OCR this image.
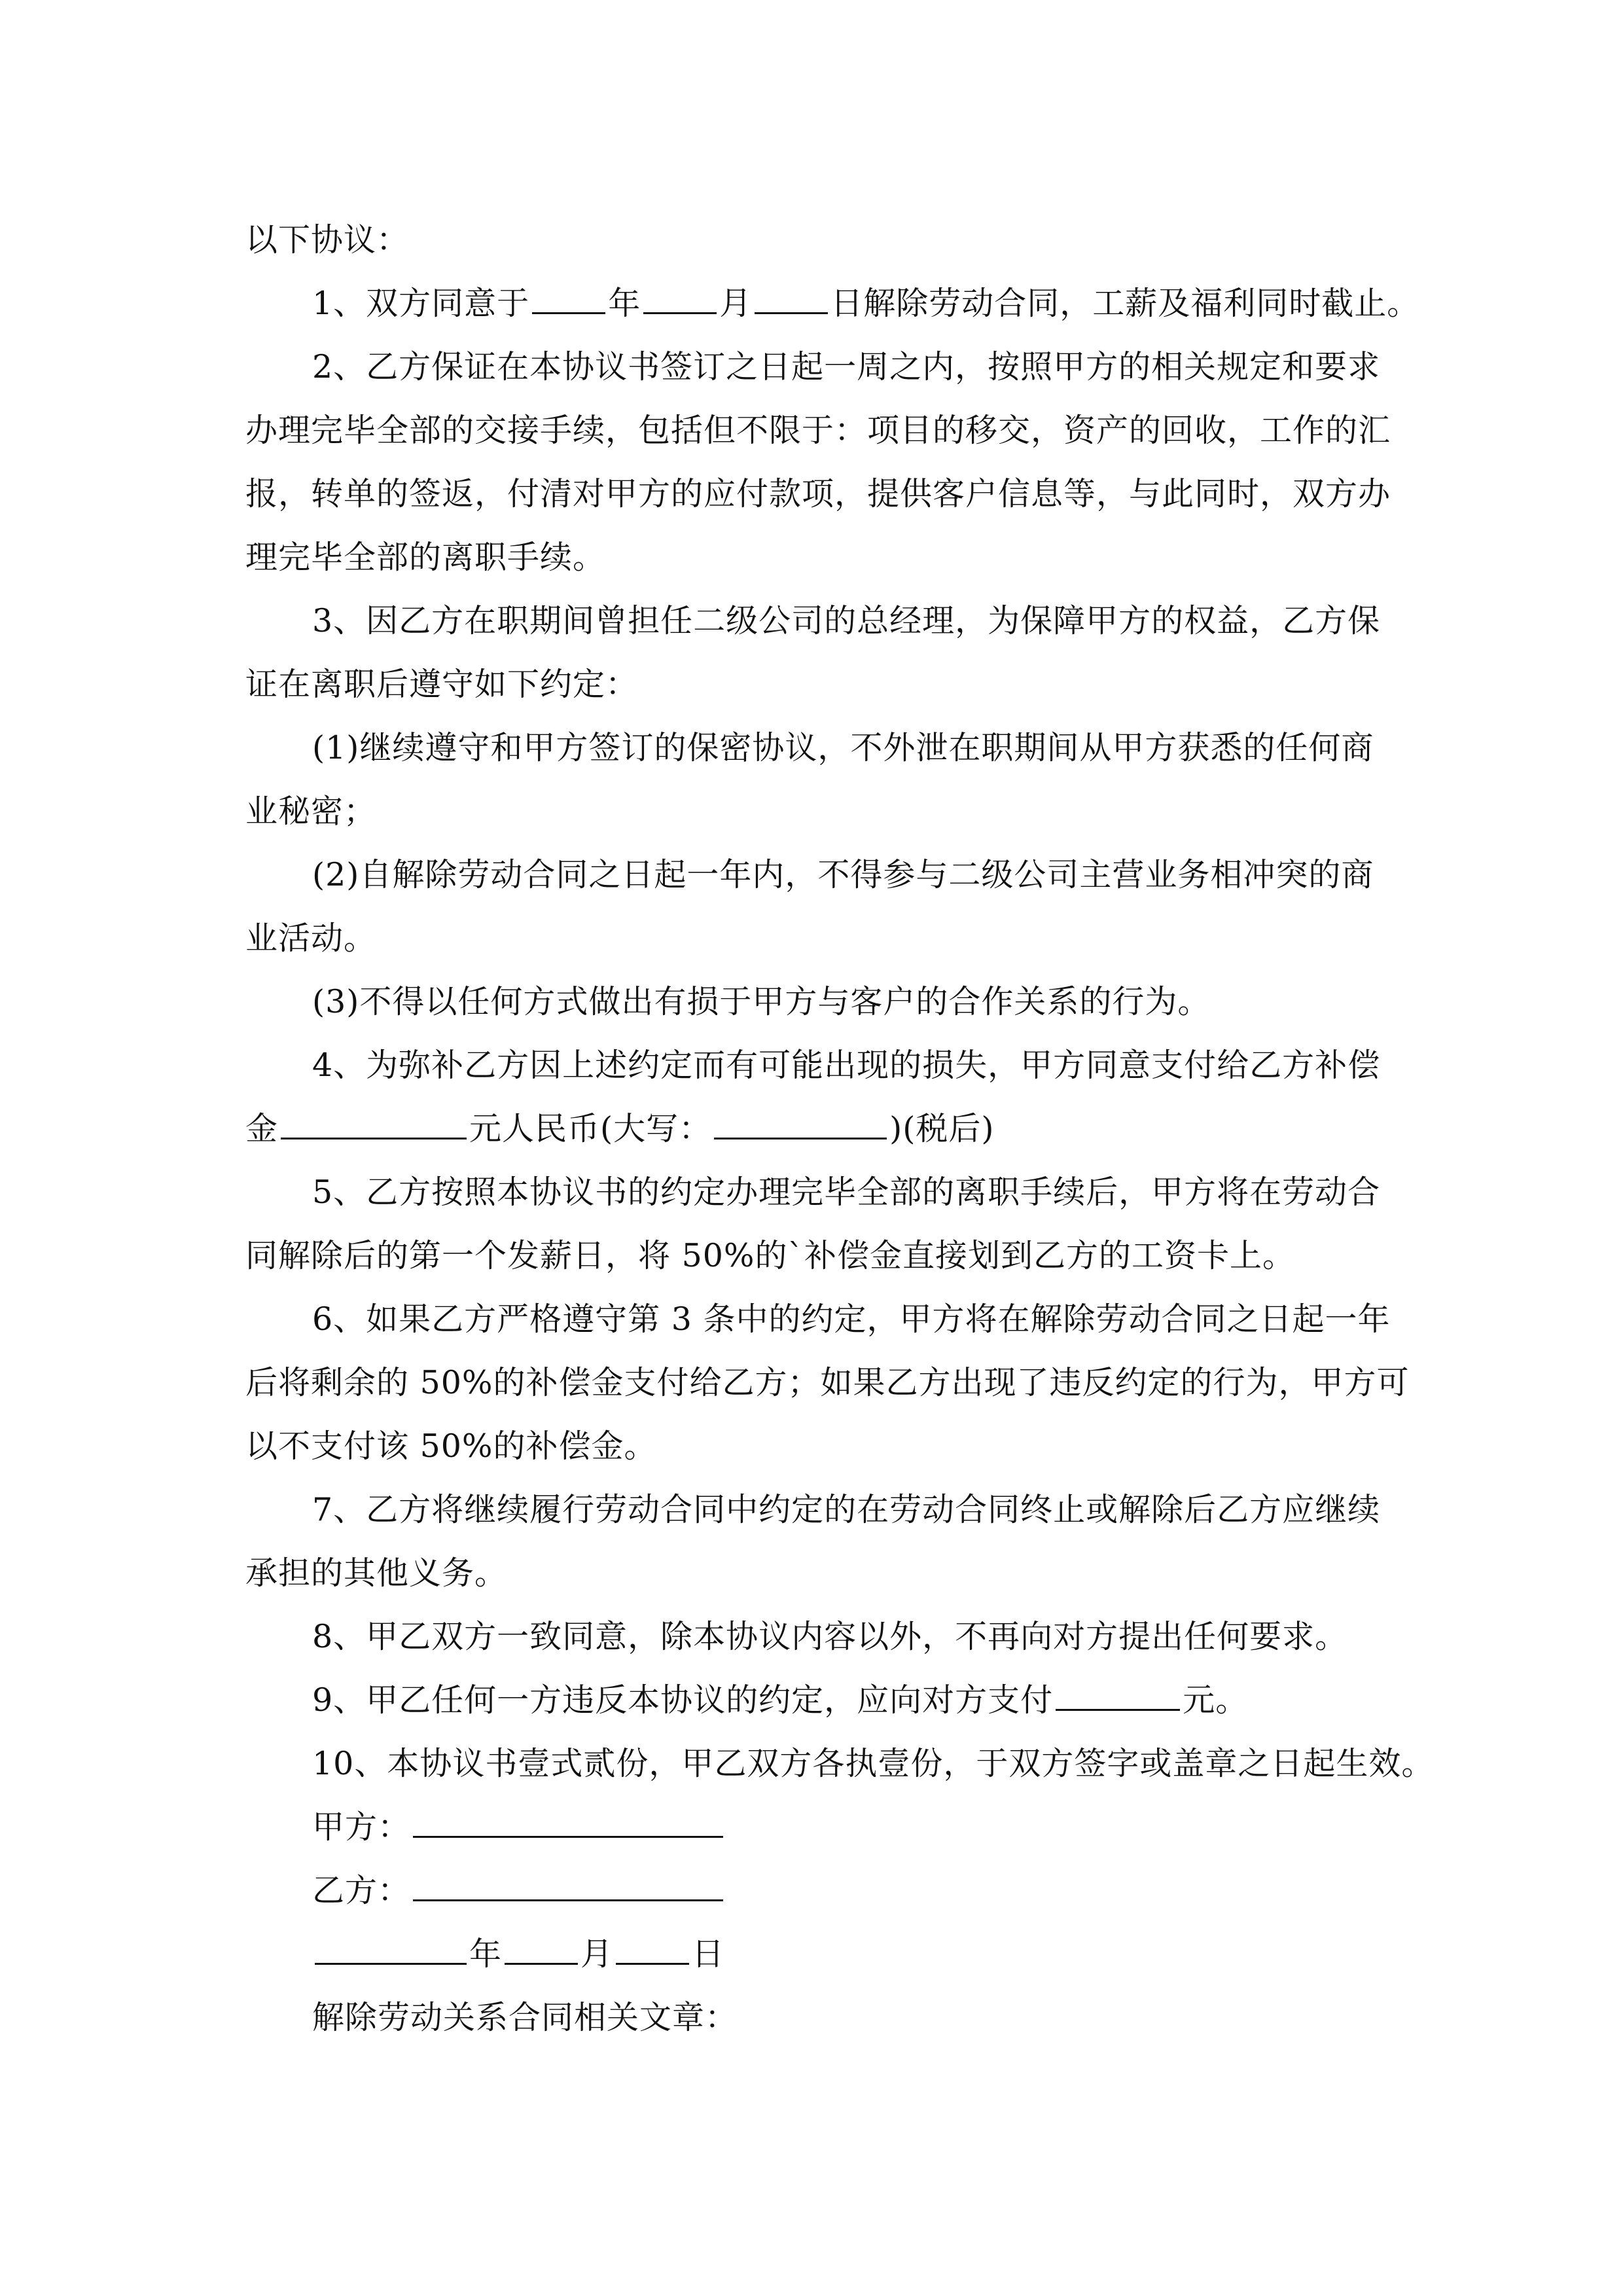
以下协议：
1、双方同意于 年 月 日解除劳动合同，工薪及福利同时截止。
2、乙方保证在本协议书签订之日起一周之内，按照甲方的相关规定和要求
办理完毕全部的交接手续，包括但不限于：项目的移交，资产的回收，工作的汇
报，转单的签返，付清对甲方的应付款项，提供客户信息等，与此同时，双方办
理完毕全部的离职手续。
3、因乙方在职期间曾担任二级公司的总经理，为保障甲方的权益，乙方保
证在离职后遵守如下约定：
(1)继续遵守和甲方签订的保密协议，不外泄在职期间从甲方获悉的任何商
业秘密；
(2)自解除劳动合同之日起一年内，不得参与二级公司主营业务相冲突的商
业活动。
(3)不得以任何方式做出有损于甲方与客户的合作关系的行为。
4、为弥补乙方因上述约定而有可能出现的损失，甲方同意支付给乙方补偿
金	元人民币(大写：	)(税后)
5、乙方按照本协议书的约定办理完毕全部的离职手续后，甲方将在劳动合
同解除后的第一个发薪日，将 50%的`补偿金直接划到乙方的工资卡上。
6、如果乙方严格遵守第 3 条中的约定，甲方将在解除劳动合同之日起一年
后将剩余的 50%的补偿金支付给乙方；如果乙方出现了违反约定的行为，甲方可
以不支付该 50%的补偿金。
7、乙方将继续履行劳动合同中约定的在劳动合同终止或解除后乙方应继续
承担的其他义务。
8、甲乙双方一致同意，除本协议内容以外，不再向对方提出任何要求。
9、甲乙任何一方违反本协议的约定，应向对方支付	元。
10、本协议书壹式贰份，甲乙双方各执壹份，于双方签字或盖章之日起生效。
甲方：
乙方：
年 月 日
解除劳动关系合同相关文章：
